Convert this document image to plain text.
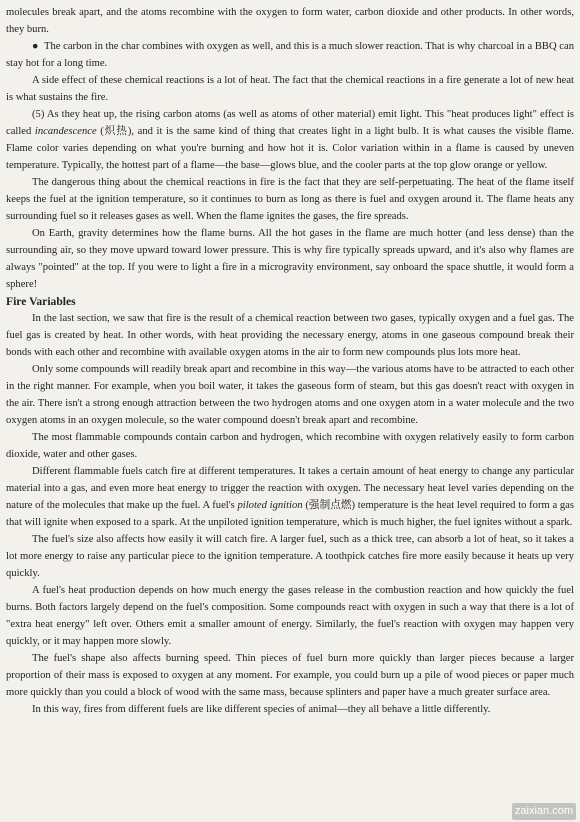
molecules break apart, and the atoms recombine with the oxygen to form water, carbon dioxide and other products. In other words, they burn.

● The carbon in the char combines with oxygen as well, and this is a much slower reaction. That is why charcoal in a BBQ can stay hot for a long time.

A side effect of these chemical reactions is a lot of heat. The fact that the chemical reactions in a fire generate a lot of new heat is what sustains the fire.

(5) As they heat up, the rising carbon atoms (as well as atoms of other material) emit light. This "heat produces light" effect is called incandescence (炽热), and it is the same kind of thing that creates light in a light bulb. It is what causes the visible flame. Flame color varies depending on what you're burning and how hot it is. Color variation within in a flame is caused by uneven temperature. Typically, the hottest part of a flame—the base—glows blue, and the cooler parts at the top glow orange or yellow.

The dangerous thing about the chemical reactions in fire is the fact that they are self-perpetuating. The heat of the flame itself keeps the fuel at the ignition temperature, so it continues to burn as long as there is fuel and oxygen around it. The flame heats any surrounding fuel so it releases gases as well. When the flame ignites the gases, the fire spreads.

On Earth, gravity determines how the flame burns. All the hot gases in the flame are much hotter (and less dense) than the surrounding air, so they move upward toward lower pressure. This is why fire typically spreads upward, and it's also why flames are always "pointed" at the top. If you were to light a fire in a microgravity environment, say onboard the space shuttle, it would form a sphere!

Fire Variables

In the last section, we saw that fire is the result of a chemical reaction between two gases, typically oxygen and a fuel gas. The fuel gas is created by heat. In other words, with heat providing the necessary energy, atoms in one gaseous compound break their bonds with each other and recombine with available oxygen atoms in the air to form new compounds plus lots more heat.

Only some compounds will readily break apart and recombine in this way—the various atoms have to be attracted to each other in the right manner. For example, when you boil water, it takes the gaseous form of steam, but this gas doesn't react with oxygen in the air. There isn't a strong enough attraction between the two hydrogen atoms and one oxygen atom in a water molecule and the two oxygen atoms in an oxygen molecule, so the water compound doesn't break apart and recombine.

The most flammable compounds contain carbon and hydrogen, which recombine with oxygen relatively easily to form carbon dioxide, water and other gases.

Different flammable fuels catch fire at different temperatures. It takes a certain amount of heat energy to change any particular material into a gas, and even more heat energy to trigger the reaction with oxygen. The necessary heat level varies depending on the nature of the molecules that make up the fuel. A fuel's piloted ignition (强制点燃) temperature is the heat level required to form a gas that will ignite when exposed to a spark. At the unpiloted ignition temperature, which is much higher, the fuel ignites without a spark.

The fuel's size also affects how easily it will catch fire. A larger fuel, such as a thick tree, can absorb a lot of heat, so it takes a lot more energy to raise any particular piece to the ignition temperature. A toothpick catches fire more easily because it heats up very quickly.

A fuel's heat production depends on how much energy the gases release in the combustion reaction and how quickly the fuel burns. Both factors largely depend on the fuel's composition. Some compounds react with oxygen in such a way that there is a lot of "extra heat energy" left over. Others emit a smaller amount of energy. Similarly, the fuel's reaction with oxygen may happen very quickly, or it may happen more slowly.

The fuel's shape also affects burning speed. Thin pieces of fuel burn more quickly than larger pieces because a larger proportion of their mass is exposed to oxygen at any moment. For example, you could burn up a pile of wood pieces or paper much more quickly than you could a block of wood with the same mass, because splinters and paper have a much greater surface area.

In this way, fires from different fuels are like different species of animal—they all behave a little differently.

zaixian.com
